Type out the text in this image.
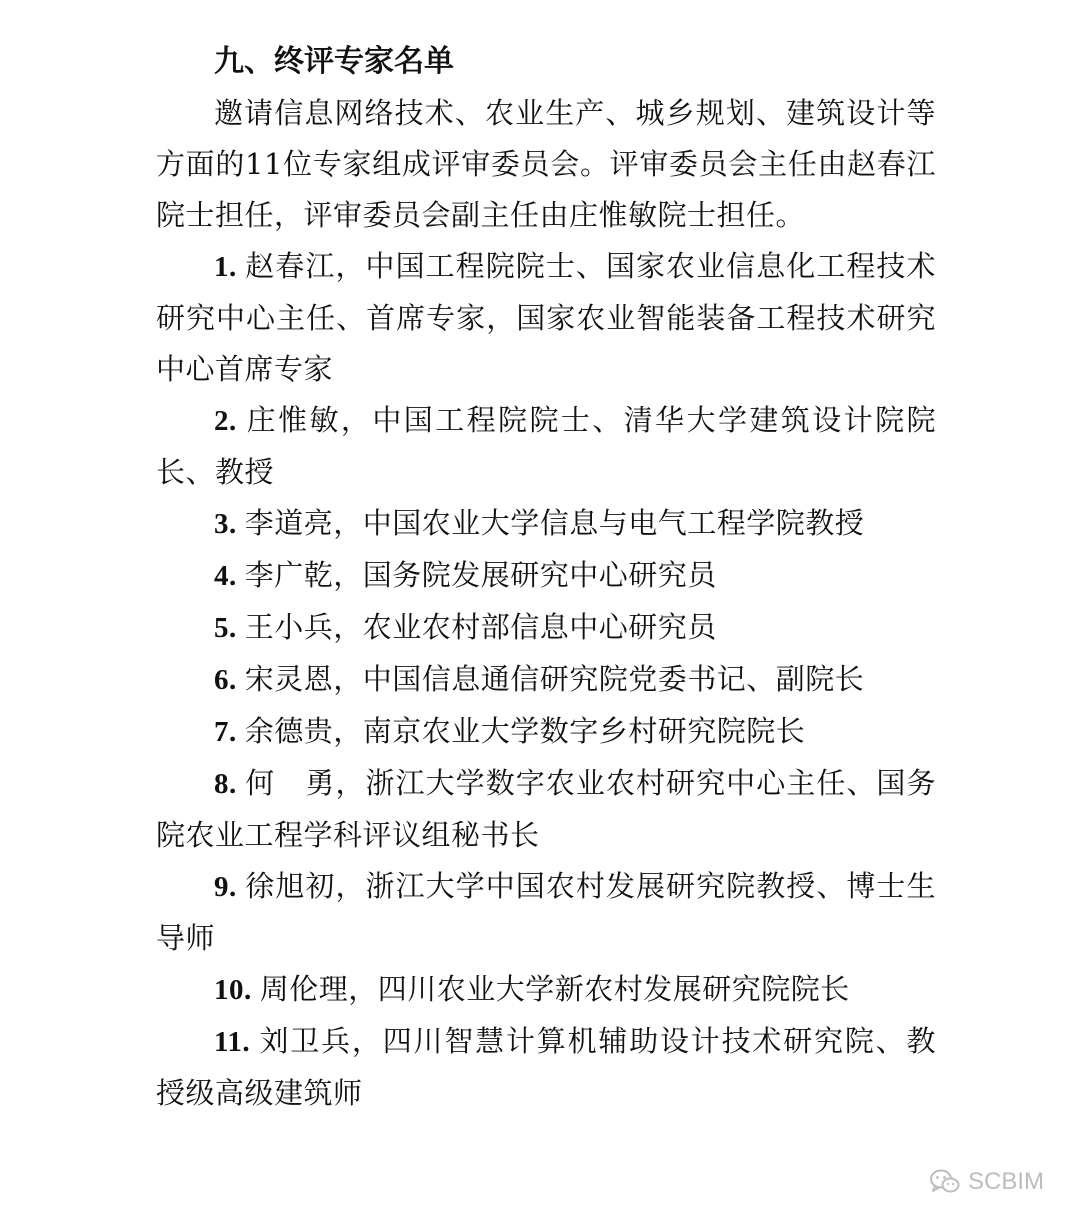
九、终评专家名单

邀请信息网络技术、农业生产、城乡规划、建筑设计等方面的11位专家组成评审委员会。评审委员会主任由赵春江院士担任，评审委员会副主任由庄惟敏院士担任。

1. 赵春江，中国工程院院士、国家农业信息化工程技术研究中心主任、首席专家，国家农业智能装备工程技术研究中心首席专家

2. 庄惟敏，中国工程院院士、清华大学建筑设计院院长、教授

3. 李道亮，中国农业大学信息与电气工程学院教授

4. 李广乾，国务院发展研究中心研究员

5. 王小兵，农业农村部信息中心研究员

6. 宋灵恩，中国信息通信研究院党委书记、副院长

7. 余德贵，南京农业大学数字乡村研究院院长

8. 何　勇，浙江大学数字农业农村研究中心主任、国务院农业工程学科评议组秘书长

9. 徐旭初，浙江大学中国农村发展研究院教授、博士生导师

10. 周伦理，四川农业大学新农村发展研究院院长

11. 刘卫兵，四川智慧计算机辅助设计技术研究院、教授级高级建筑师

SCBIM
